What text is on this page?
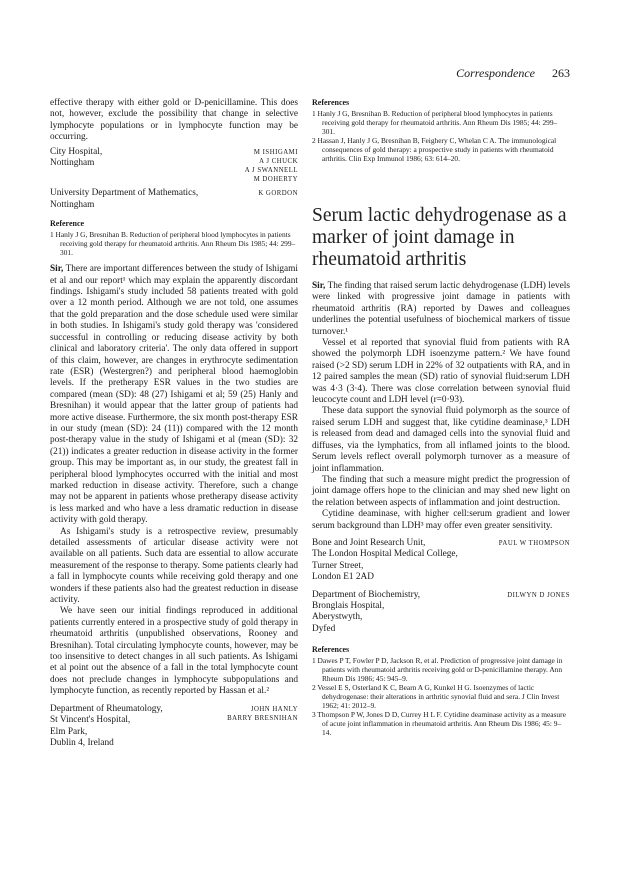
Correspondence 263

effective therapy with either gold or D-penicillamine. This does not, however, exclude the possibility that change in selective lymphocyte populations or in lymphocyte function may be occurring.

City Hospital,
Nottingham
M ISHIGAMI
A J CHUCK
A J SWANNELL
M DOHERTY
University Department of Mathematics,
Nottingham
K GORDON
Reference

1 Hanly J G, Bresnihan B. Reduction of peripheral blood lymphocytes in patients receiving gold therapy for rheumatoid arthritis. Ann Rheum Dis 1985; 44: 299–301.

Sir, There are important differences between the study of Ishigami et al and our report¹ which may explain the apparently discordant findings. Ishigami's study included 58 patients treated with gold over a 12 month period. Although we are not told, one assumes that the gold preparation and the dose schedule used were similar in both studies. In Ishigami's study gold therapy was 'considered successful in controlling or reducing disease activity by both clinical and laboratory criteria'. The only data offered in support of this claim, however, are changes in erythrocyte sedimentation rate (ESR) (Westergren?) and peripheral blood haemoglobin levels. If the pretherapy ESR values in the two studies are compared (mean (SD): 48 (27) Ishigami et al; 59 (25) Hanly and Bresnihan) it would appear that the latter group of patients had more active disease. Furthermore, the six month post-therapy ESR in our study (mean (SD): 24 (11)) compared with the 12 month post-therapy value in the study of Ishigami et al (mean (SD): 32 (21)) indicates a greater reduction in disease activity in the former group. This may be important as, in our study, the greatest fall in peripheral blood lymphocytes occurred with the initial and most marked reduction in disease activity. Therefore, such a change may not be apparent in patients whose pretherapy disease activity is less marked and who have a less dramatic reduction in disease activity with gold therapy.

As Ishigami's study is a retrospective review, presumably detailed assessments of articular disease activity were not available on all patients. Such data are essential to allow accurate measurement of the response to therapy. Some patients clearly had a fall in lymphocyte counts while receiving gold therapy and one wonders if these patients also had the greatest reduction in disease activity.

We have seen our initial findings reproduced in additional patients currently entered in a prospective study of gold therapy in rheumatoid arthritis (unpublished observations, Rooney and Bresnihan). Total circulating lymphocyte counts, however, may be too insensitive to detect changes in all such patients. As Ishigami et al point out the absence of a fall in the total lymphocyte count does not preclude changes in lymphocyte subpopulations and lymphocyte function, as recently reported by Hassan et al.²

Department of Rheumatology,
St Vincent's Hospital,
Elm Park,
Dublin 4, Ireland
JOHN HANLY
BARRY BRESNIHAN
References

1 Hanly J G, Bresnihan B. Reduction of peripheral blood lymphocytes in patients receiving gold therapy for rheumatoid arthritis. Ann Rheum Dis 1985; 44: 299–301.

2 Hassan J, Hanly J G, Bresnihan B, Feighery C, Whelan C A. The immunological consequences of gold therapy: a prospective study in patients with rheumatoid arthritis. Clin Exp Immunol 1986; 63: 614–20.

Serum lactic dehydrogenase as a marker of joint damage in rheumatoid arthritis

Sir, The finding that raised serum lactic dehydrogenase (LDH) levels were linked with progressive joint damage in patients with rheumatoid arthritis (RA) reported by Dawes and colleagues underlines the potential usefulness of biochemical markers of tissue turnover.¹

Vessel et al reported that synovial fluid from patients with RA showed the polymorph LDH isoenzyme pattern.² We have found raised (>2 SD) serum LDH in 22% of 32 outpatients with RA, and in 12 paired samples the mean (SD) ratio of synovial fluid:serum LDH was 4·3 (3·4). There was close correlation between synovial fluid leucocyte count and LDH level (r=0·93).

These data support the synovial fluid polymorph as the source of raised serum LDH and suggest that, like cytidine deaminase,³ LDH is released from dead and damaged cells into the synovial fluid and diffuses, via the lymphatics, from all inflamed joints to the blood. Serum levels reflect overall polymorph turnover as a measure of joint inflammation.

The finding that such a measure might predict the progression of joint damage offers hope to the clinician and may shed new light on the relation between aspects of inflammation and joint destruction.

Cytidine deaminase, with higher cell:serum gradient and lower serum background than LDH³ may offer even greater sensitivity.

Bone and Joint Research Unit,
The London Hospital Medical College,
Turner Street,
London E1 2AD
PAUL W THOMPSON
Department of Biochemistry,
Bronglais Hospital,
Aberystwyth,
Dyfed
DILWYN D JONES
References

1 Dawes P T, Fowler P D, Jackson R, et al. Prediction of progressive joint damage in patients with rheumatoid arthritis receiving gold or D-penicillamine therapy. Ann Rheum Dis 1986; 45: 945–9.

2 Vessel E S, Osterland K C, Bearn A G, Kunkel H G. Isoenzymes of lactic dehydrogenase: their alterations in arthritic synovial fluid and sera. J Clin Invest 1962; 41: 2012–9.

3 Thompson P W, Jones D D, Currey H L F. Cytidine deaminase activity as a measure of acute joint inflammation in rheumatoid arthritis. Ann Rheum Dis 1986; 45: 9–14.
